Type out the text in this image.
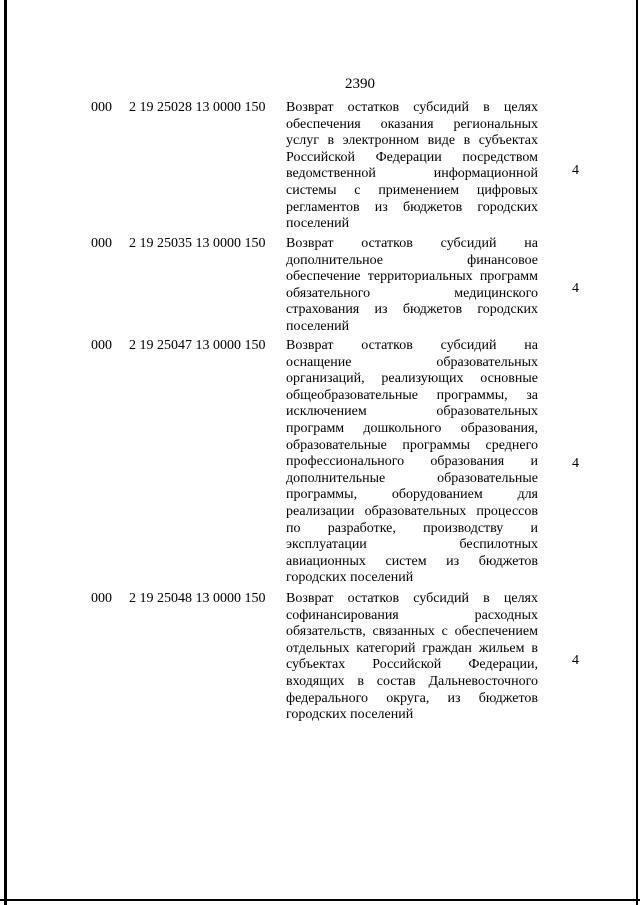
2390
000 2 19 25028 13 0000 150 Возврат остатков субсидий в целях
обеспечения оказания региональных
услуг в электронном виде в субъектах
Российской Федерации посредством
ведомственной информационной
системы с применением цифровых
регламентов из бюджетов городских
поселений
4
000 2 19 25035 13 0000 150 Возврат остатков субсидий на
дополнительное финансовое
обеспечение территориальных программ
обязательного медицинского
страхования из бюджетов городских
поселений
4
000 2 19 25047 13 0000 150 Возврат остатков субсидий на
оснащение образовательных
организаций, реализующих основные
общеобразовательные программы, за
исключением образовательных
программ дошкольного образования,
образовательные программы среднего
профессионального образования и
дополнительные образовательные
программы, оборудованием для
реализации образовательных процессов
по разработке, производству и
эксплуатации беспилотных
авиационных систем из бюджетов
городских поселений
4
000 2 19 25048 13 0000 150 Возврат остатков субсидий в целях
софинансирования расходных
обязательств, связанных с обеспечением
отдельных категорий граждан жильем в
субъектах Российской Федерации,
входящих в состав Дальневосточного
федерального округа, из бюджетов
городских поселений
4
